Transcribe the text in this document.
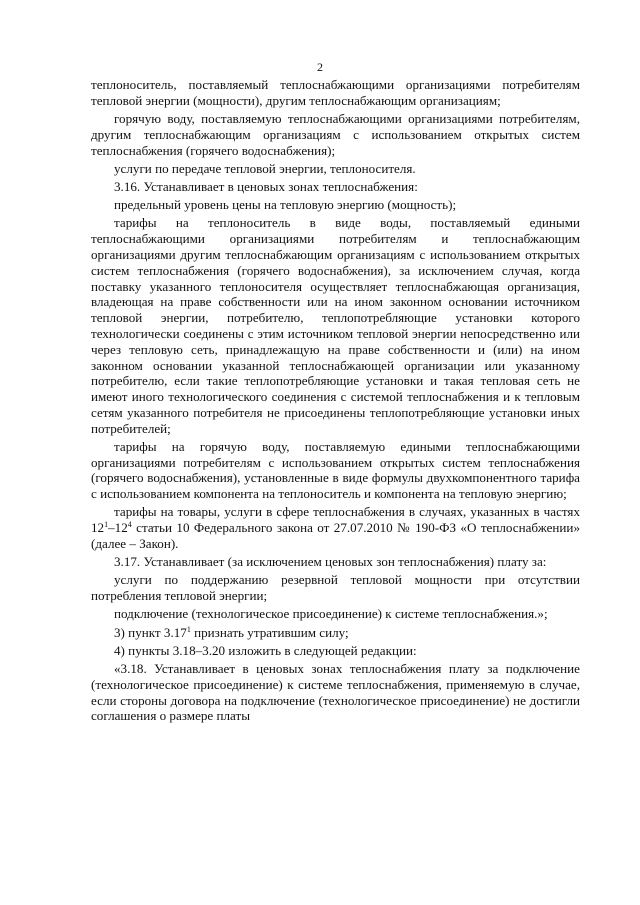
2

теплоноситель, поставляемый теплоснабжающими организациями потребителям тепловой энергии (мощности), другим теплоснабжающим организациям;

горячую воду, поставляемую теплоснабжающими организациями потребителям, другим теплоснабжающим организациям с использованием открытых систем теплоснабжения (горячего водоснабжения);

услуги по передаче тепловой энергии, теплоносителя.

3.16. Устанавливает в ценовых зонах теплоснабжения:

предельный уровень цены на тепловую энергию (мощность);

тарифы на теплоноситель в виде воды, поставляемый едиными теплоснабжающими организациями потребителям и теплоснабжающим организациями другим теплоснабжающим организациям с использованием открытых систем теплоснабжения (горячего водоснабжения), за исключением случая, когда поставку указанного теплоносителя осуществляет теплоснабжающая организация, владеющая на праве собственности или на ином законном основании источником тепловой энергии, потребителю, теплопотребляющие установки которого технологически соединены с этим источником тепловой энергии непосредственно или через тепловую сеть, принадлежащую на праве собственности и (или) на ином законном основании указанной теплоснабжающей организации или указанному потребителю, если такие теплопотребляющие установки и такая тепловая сеть не имеют иного технологического соединения с системой теплоснабжения и к тепловым сетям указанного потребителя не присоединены теплопотребляющие установки иных потребителей;

тарифы на горячую воду, поставляемую едиными теплоснабжающими организациями потребителям с использованием открытых систем теплоснабжения (горячего водоснабжения), установленные в виде формулы двухкомпонентного тарифа с использованием компонента на теплоноситель и компонента на тепловую энергию;

тарифы на товары, услуги в сфере теплоснабжения в случаях, указанных в частях $12^1-12^4$ статьи 10 Федерального закона от 27.07.2010 № 190-ФЗ «О теплоснабжении» (далее – Закон).

3.17. Устанавливает (за исключением ценовых зон теплоснабжения) плату за:

услуги по поддержанию резервной тепловой мощности при отсутствии потребления тепловой энергии;

подключение (технологическое присоединение) к системе теплоснабжения.»;

3) пункт 3.17$^1$ признать утратившим силу;

4) пункты 3.18–3.20 изложить в следующей редакции:

«3.18. Устанавливает в ценовых зонах теплоснабжения плату за подключение (технологическое присоединение) к системе теплоснабжения, применяемую в случае, если стороны договора на подключение (технологическое присоединение) не достигли соглашения о размере платы
